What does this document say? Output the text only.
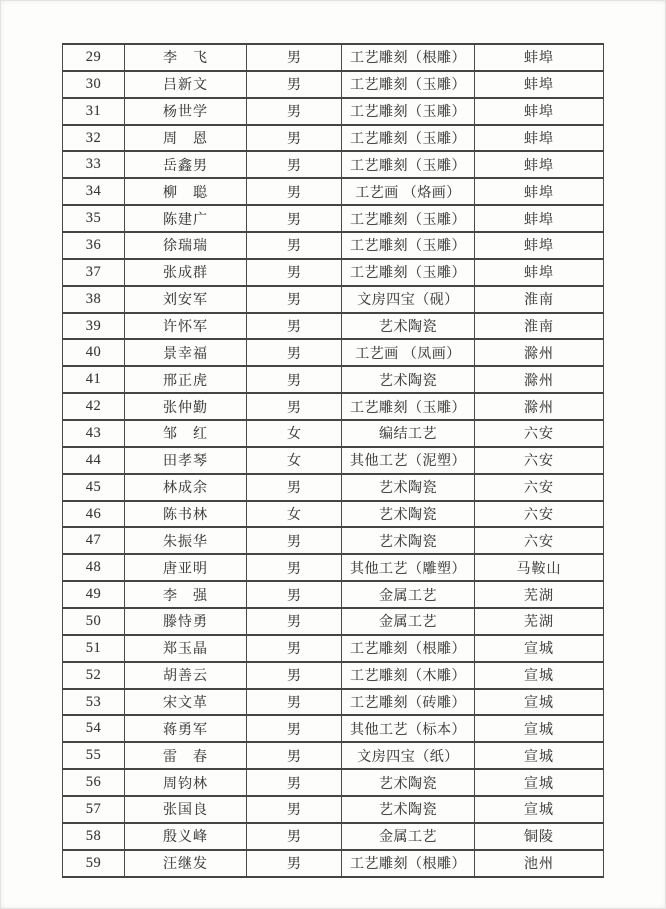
29	李　飞	男	工艺雕刻（根雕）	蚌埠
30	吕新文	男	工艺雕刻（玉雕）	蚌埠
31	杨世学	男	工艺雕刻（玉雕）	蚌埠
32	周　恩	男	工艺雕刻（玉雕）	蚌埠
33	岳鑫男	男	工艺雕刻（玉雕）	蚌埠
34	柳　聪	男	工艺画 （烙画）	蚌埠
35	陈建广	男	工艺雕刻（玉雕）	蚌埠
36	徐瑞瑞	男	工艺雕刻（玉雕）	蚌埠
37	张成群	男	工艺雕刻（玉雕）	蚌埠
38	刘安军	男	文房四宝（砚）	淮南
39	许怀军	男	艺术陶瓷	淮南
40	景幸福	男	工艺画 （凤画）	滁州
41	邢正虎	男	艺术陶瓷	滁州
42	张仲勤	男	工艺雕刻（玉雕）	滁州
43	邹　红	女	编结工艺	六安
44	田孝琴	女	其他工艺（泥塑）	六安
45	林成余	男	艺术陶瓷	六安
46	陈书林	女	艺术陶瓷	六安
47	朱振华	男	艺术陶瓷	六安
48	唐亚明	男	其他工艺（雕塑）	马鞍山
49	李　强	男	金属工艺	芜湖
50	滕恃勇	男	金属工艺	芜湖
51	郑玉晶	男	工艺雕刻（根雕）	宣城
52	胡善云	男	工艺雕刻（木雕）	宣城
53	宋文革	男	工艺雕刻（砖雕）	宣城
54	蒋勇军	男	其他工艺（标本）	宣城
55	雷　春	男	文房四宝（纸）	宣城
56	周钧林	男	艺术陶瓷	宣城
57	张国良	男	艺术陶瓷	宣城
58	殷义峰	男	金属工艺	铜陵
59	汪继发	男	工艺雕刻（根雕）	池州
